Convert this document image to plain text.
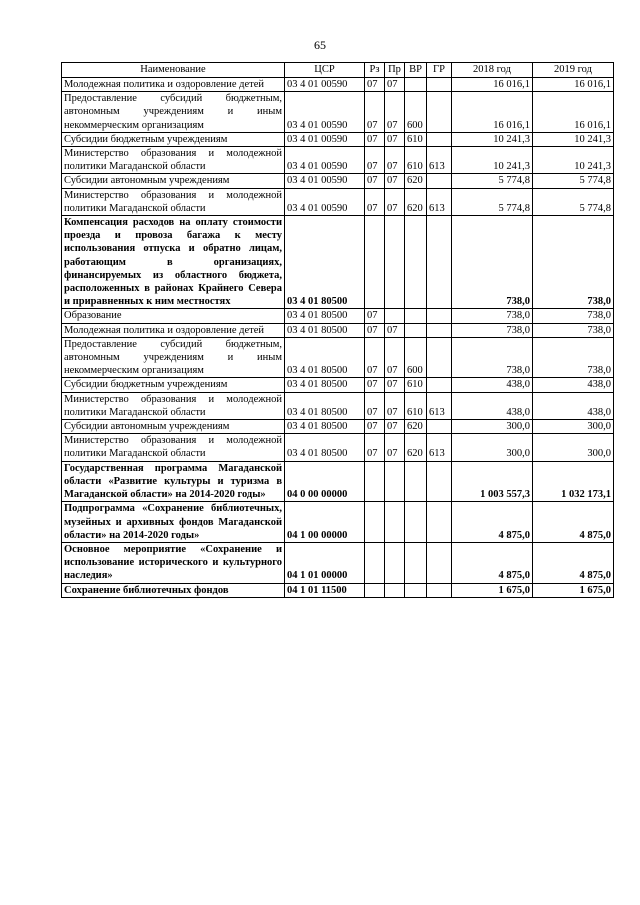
65
Наименование	ЦСР	Рз	Пр	ВР	ГР	2018 год	2019 год
Молодежная политика и оздоровление детей	03 4 01 00590	07	07			16 016,1	16 016,1
Предоставление субсидий бюджетным, автономным учреждениям и иным некоммерческим организациям	03 4 01 00590	07	07	600		16 016,1	16 016,1
Субсидии бюджетным учреждениям	03 4 01 00590	07	07	610		10 241,3	10 241,3
Министерство образования и молодежной политики Магаданской области	03 4 01 00590	07	07	610	613	10 241,3	10 241,3
Субсидии автономным учреждениям	03 4 01 00590	07	07	620		5 774,8	5 774,8
Министерство образования и молодежной политики Магаданской области	03 4 01 00590	07	07	620	613	5 774,8	5 774,8
Компенсация расходов на оплату стоимости проезда и провоза багажа к месту использования отпуска и обратно лицам, работающим в организациях, финансируемых из областного бюджета, расположенных в районах Крайнего Севера и приравненных к ним местностях	03 4 01 80500					738,0	738,0
Образование	03 4 01 80500	07				738,0	738,0
Молодежная политика и оздоровление детей	03 4 01 80500	07	07			738,0	738,0
Предоставление субсидий бюджетным, автономным учреждениям и иным некоммерческим организациям	03 4 01 80500	07	07	600		738,0	738,0
Субсидии бюджетным учреждениям	03 4 01 80500	07	07	610		438,0	438,0
Министерство образования и молодежной политики Магаданской области	03 4 01 80500	07	07	610	613	438,0	438,0
Субсидии автономным учреждениям	03 4 01 80500	07	07	620		300,0	300,0
Министерство образования и молодежной политики Магаданской области	03 4 01 80500	07	07	620	613	300,0	300,0
Государственная программа Магаданской области «Развитие культуры и туризма в Магаданской области» на 2014-2020 годы»	04 0 00 00000					1 003 557,3	1 032 173,1
Подпрограмма «Сохранение библиотечных, музейных и архивных фондов Магаданской области» на 2014-2020 годы»	04 1 00 00000					4 875,0	4 875,0
Основное мероприятие «Сохранение и использование исторического и культурного наследия»	04 1 01 00000					4 875,0	4 875,0
Сохранение библиотечных фондов	04 1 01 11500					1 675,0	1 675,0
